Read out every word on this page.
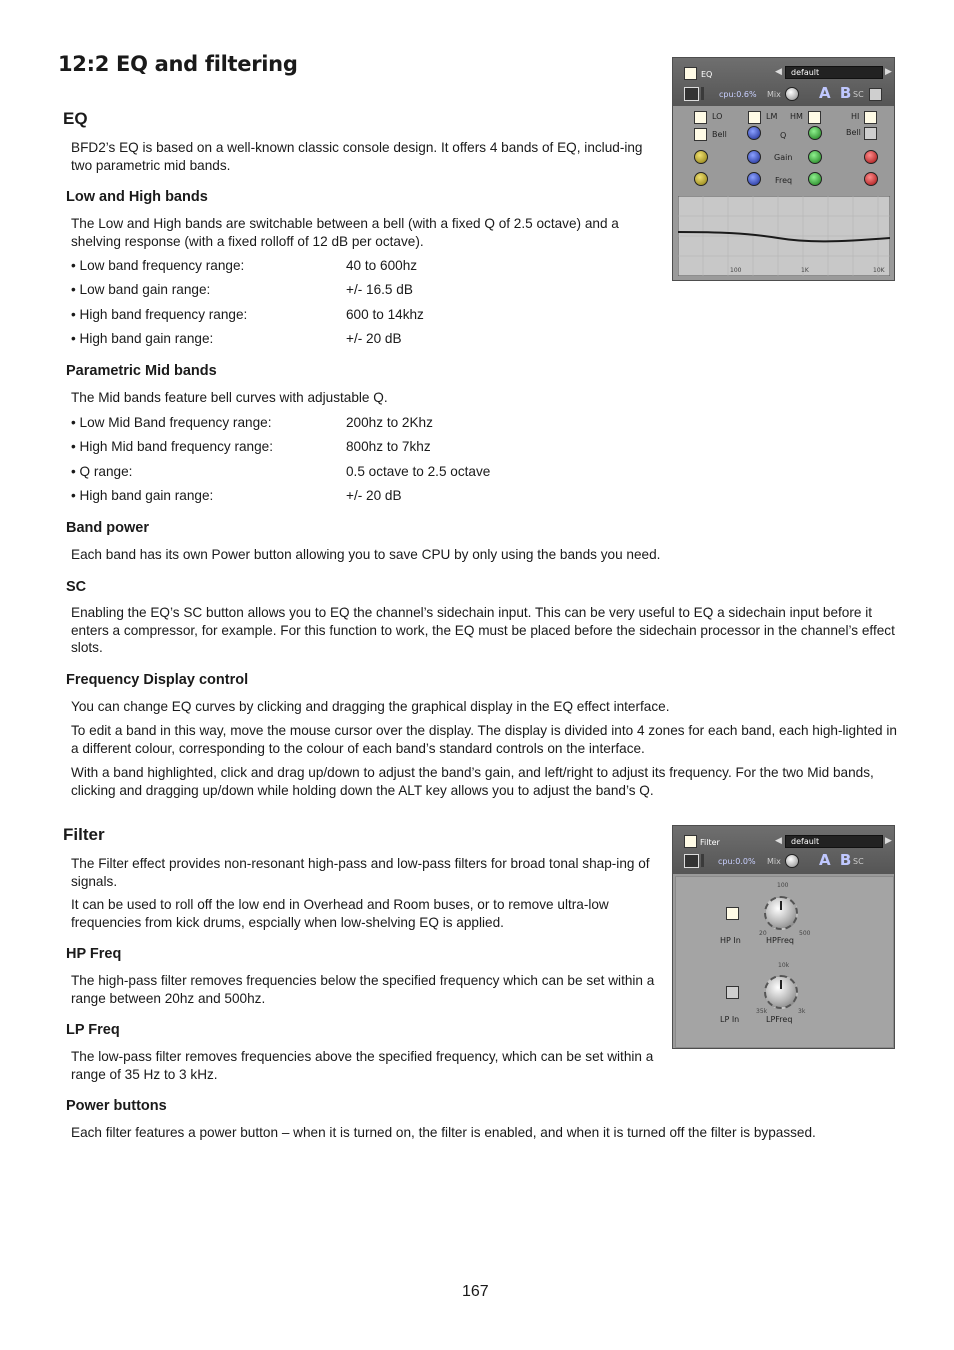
12:2 EQ and filtering
EQ

BFD2’s EQ is based on a well-known classic console design. It offers 4 bands of EQ, includ-ing two parametric mid bands.

Low and High bands

The Low and High bands are switchable between a bell (with a fixed Q of 2.5 octave) and a shelving response (with a fixed rolloff of 12 dB per octave).

• Low band frequency range:	40 to 600hz
• Low band gain range:	+/- 16.5 dB
• High band frequency range:	600 to 14khz
• High band gain range:	+/- 20 dB
Parametric Mid bands

The Mid bands feature bell curves with adjustable Q.

• Low Mid Band frequency range:	200hz to 2Khz
• High Mid band frequency range:	800hz to 7khz
• Q range:	0.5 octave to 2.5 octave
• High band gain range:	+/- 20 dB
Band power

Each band has its own Power button allowing you to save CPU by only using the bands you need.

SC

Enabling the EQ’s SC button allows you to EQ the channel’s sidechain input. This can be very useful to EQ a sidechain input before it enters a compressor, for example. For this function to work, the EQ must be placed before the sidechain processor in the channel’s effect slots.

Frequency Display control

You can change EQ curves by clicking and dragging the graphical display in the EQ effect interface.

To edit a band in this way, move the mouse cursor over the display. The display is divided into 4 zones for each band, each high-lighted in a different colour, corresponding to the colour of each band’s standard controls on the interface.

With a band highlighted, click and drag up/down to adjust the band’s gain, and left/right to adjust its frequency. For the two Mid bands, clicking and dragging up/down while holding down the ALT key allows you to adjust the band’s Q.

EQ	◀	default	▶
cpu:0.6% Mix	A B SC
LO	LM HM	HI
Bell	Q	Bell
Gain
Freq
100	1K	10K
Filter

The Filter effect provides non-resonant high-pass and low-pass filters for broad tonal shap-ing of signals.

It can be used to roll off the low end in Overhead and Room buses, or to remove ultra-low frequencies from kick drums, espcially when low-shelving EQ is applied.

HP Freq

The high-pass filter removes frequencies below the specified frequency which can be set within a range between 20hz and 500hz.

LP Freq

The low-pass filter removes frequencies above the specified frequency, which can be set within a range of 35 Hz to 3 kHz.

Power buttons

Each filter features a power button – when it is turned on, the filter is enabled, and when it is turned off the filter is bypassed.

Filter	◀	default	▶
cpu:0.0% Mix	A B SC
HP In
100
20	500
HPFreq
LP In
10k
35k	3k
LPFreq
167
